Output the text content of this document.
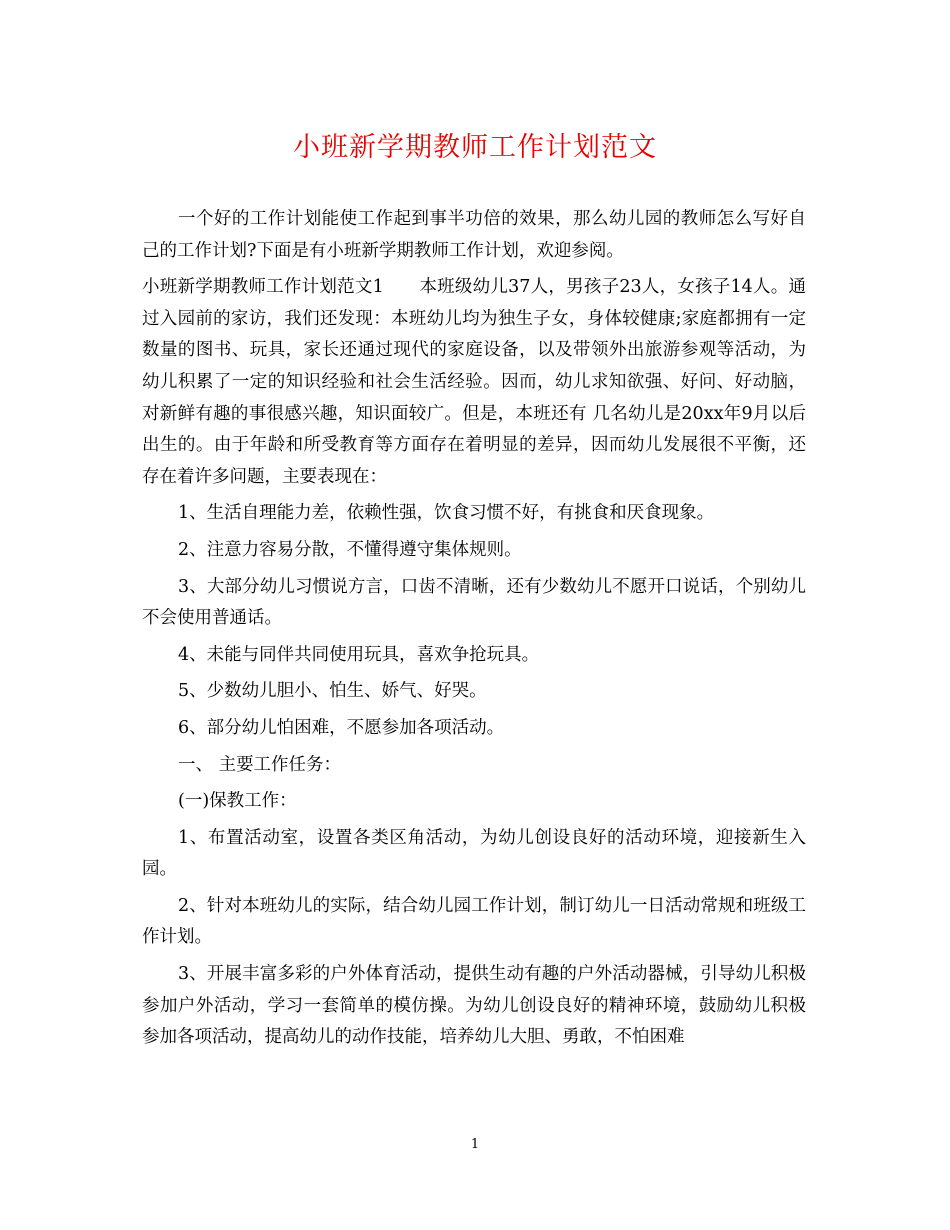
小班新学期教师工作计划范文

一个好的工作计划能使工作起到事半功倍的效果，那么幼儿园的教师怎么写好自己的工作计划?下面是有小班新学期教师工作计划，欢迎参阅。

小班新学期教师工作计划范文1　　本班级幼儿37人，男孩子23人，女孩子14人。通过入园前的家访，我们还发现：本班幼儿均为独生子女，身体较健康;家庭都拥有一定数量的图书、玩具，家长还通过现代的家庭设备，以及带领外出旅游参观等活动，为幼儿积累了一定的知识经验和社会生活经验。因而，幼儿求知欲强、好问、好动脑，对新鲜有趣的事很感兴趣，知识面较广。但是，本班还有 几名幼儿是20xx年9月以后出生的。由于年龄和所受教育等方面存在着明显的差异，因而幼儿发展很不平衡，还存在着许多问题，主要表现在：

1、生活自理能力差，依赖性强，饮食习惯不好，有挑食和厌食现象。

2、注意力容易分散，不懂得遵守集体规则。

3、大部分幼儿习惯说方言，口齿不清晰，还有少数幼儿不愿开口说话，个别幼儿不会使用普通话。

4、未能与同伴共同使用玩具，喜欢争抢玩具。

5、少数幼儿胆小、怕生、娇气、好哭。

6、部分幼儿怕困难，不愿参加各项活动。

一、 主要工作任务：

(一)保教工作：

1、布置活动室，设置各类区角活动，为幼儿创设良好的活动环境，迎接新生入园。

2、针对本班幼儿的实际，结合幼儿园工作计划，制订幼儿一日活动常规和班级工作计划。

3、开展丰富多彩的户外体育活动，提供生动有趣的户外活动器械，引导幼儿积极参加户外活动，学习一套简单的模仿操。为幼儿创设良好的精神环境，鼓励幼儿积极参加各项活动，提高幼儿的动作技能，培养幼儿大胆、勇敢，不怕困难

1
